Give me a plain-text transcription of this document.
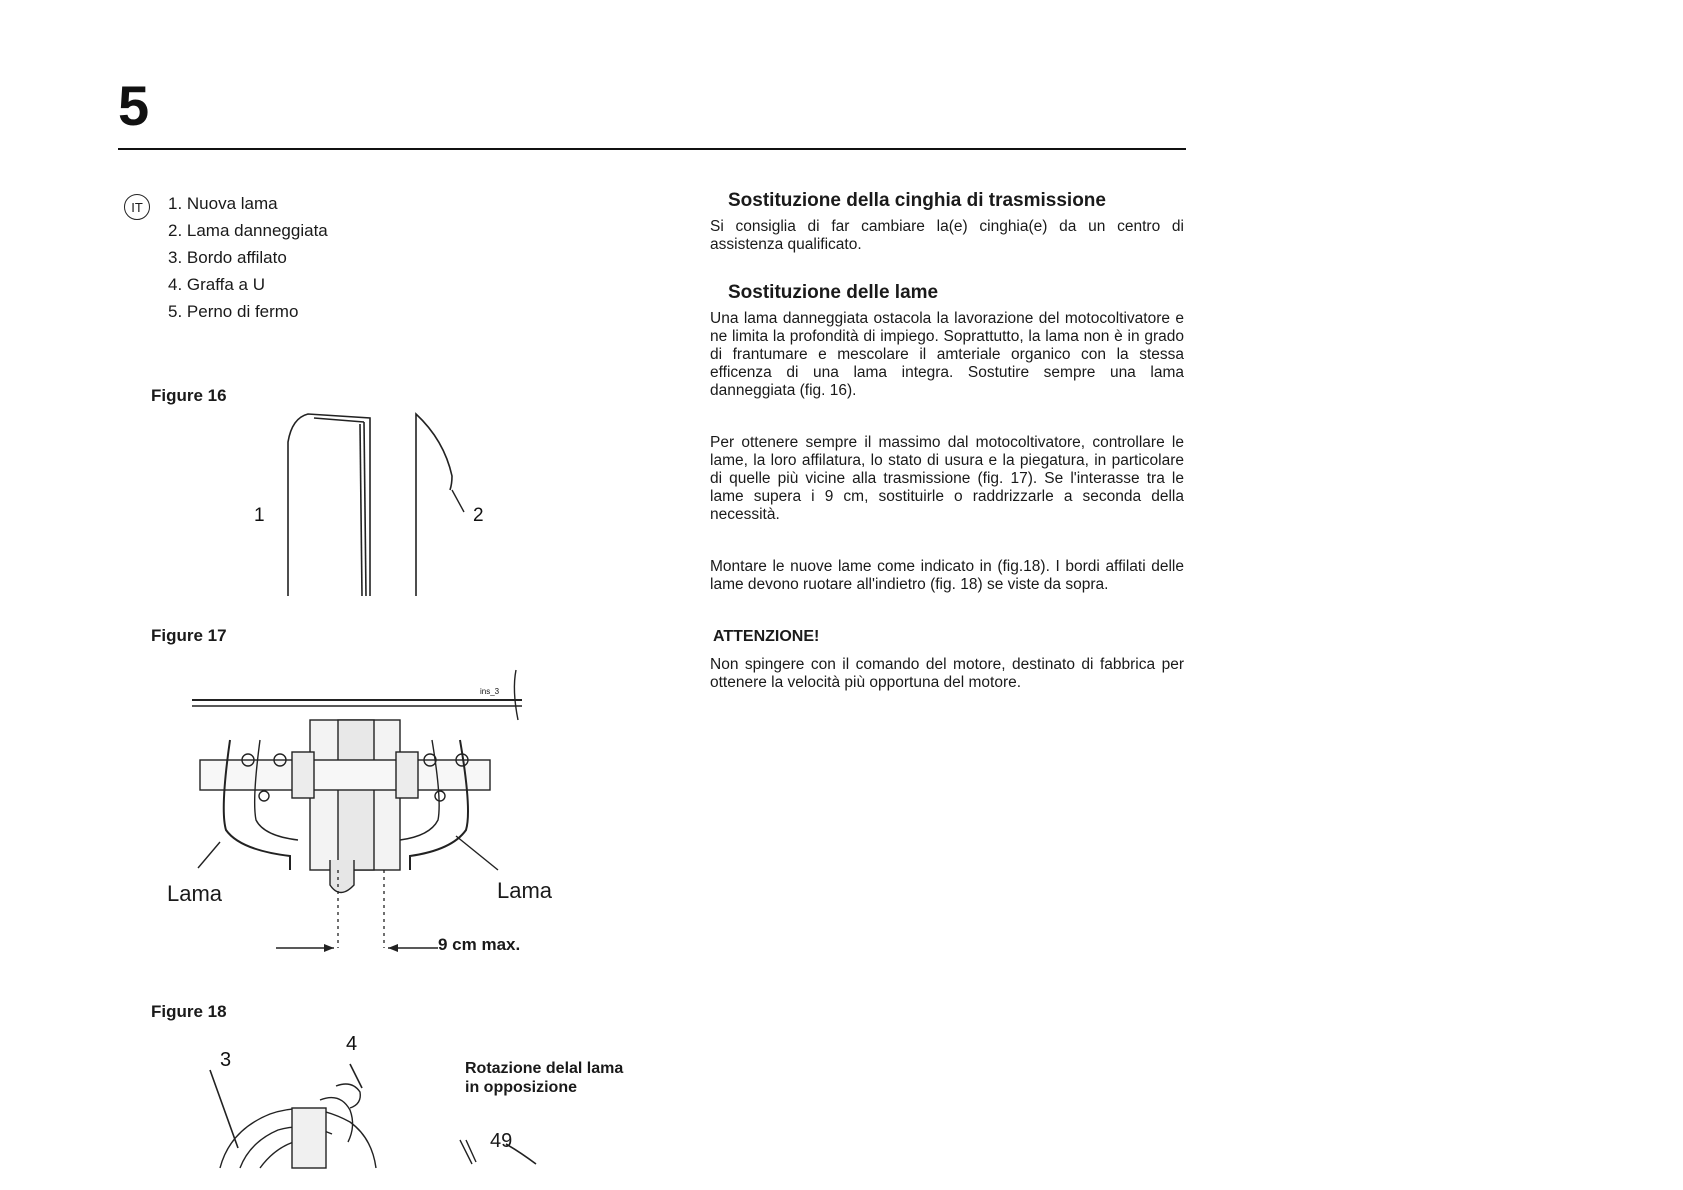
5
IT	1. Nuova lama
2. Lama danneggiata
3. Bordo affilato
4. Graffa a U
5. Perno di fermo
Figure 16
1	2
Figure 17
ins_3
Lama	Lama
9 cm max.
Figure 18
3
4
Rotazione delal lama
in opposizione
49
Sostituzione della cinghia di trasmissione

Si consiglia di far cambiare la(e) cinghia(e) da un centro di assistenza qualificato.

Sostituzione delle lame

Una lama danneggiata ostacola la lavorazione del motocoltivatore e ne limita la profondità di impiego. Soprattutto, la lama non è in grado di frantumare e mescolare il amteriale organico con la stessa efficenza di una lama integra. Sostutire sempre una lama danneggiata (fig. 16).

Per ottenere sempre il massimo dal motocoltivatore, controllare le lame, la loro affilatura, lo stato di usura e la piegatura, in particolare di quelle più vicine alla trasmissione (fig. 17). Se l'interasse tra le lame supera i 9 cm, sostituirle o raddrizzarle a seconda della necessità.

Montare le nuove lame come indicato in (fig.18). I bordi affilati delle lame devono ruotare all'indietro (fig. 18) se viste da sopra.

ATTENZIONE!

Non spingere con il comando del motore, destinato di fabbrica per ottenere la velocità più opportuna del motore.
